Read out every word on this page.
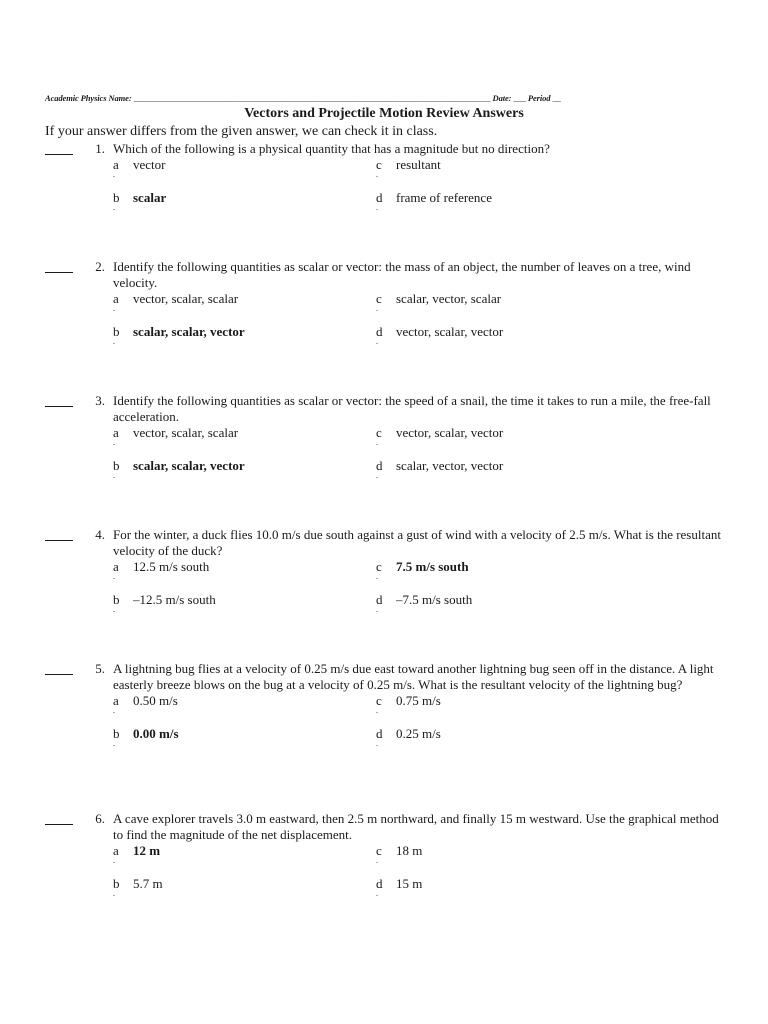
Academic Physics Name: ______________________________________________________________________________________ Date: ___ Period __
Vectors and Projectile Motion Review Answers
If your answer differs from the given answer, we can check it in class.
1. Which of the following is a physical quantity that has a magnitude but no direction?
a vector
.
b scalar
.
c resultant
.
d frame of reference
.
2. Identify the following quantities as scalar or vector: the mass of an object, the number of leaves on a tree, wind velocity.
a vector, scalar, scalar
.
b scalar, scalar, vector
.
c scalar, vector, scalar
.
d vector, scalar, vector
.
3. Identify the following quantities as scalar or vector: the speed of a snail, the time it takes to run a mile, the free-fall acceleration.
a vector, scalar, scalar
.
b scalar, scalar, vector
.
c vector, scalar, vector
.
d scalar, vector, vector
.
4. For the winter, a duck flies 10.0 m/s due south against a gust of wind with a velocity of 2.5 m/s. What is the resultant velocity of the duck?
a 12.5 m/s south
.
b –12.5 m/s south
.
c 7.5 m/s south
.
d –7.5 m/s south
.
5. A lightning bug flies at a velocity of 0.25 m/s due east toward another lightning bug seen off in the distance. A light easterly breeze blows on the bug at a velocity of 0.25 m/s. What is the resultant velocity of the lightning bug?
a 0.50 m/s
.
b 0.00 m/s
.
c 0.75 m/s
.
d 0.25 m/s
.
6. A cave explorer travels 3.0 m eastward, then 2.5 m northward, and finally 15 m westward. Use the graphical method to find the magnitude of the net displacement.
a 12 m
.
b 5.7 m
.
c 18 m
.
d 15 m
.
